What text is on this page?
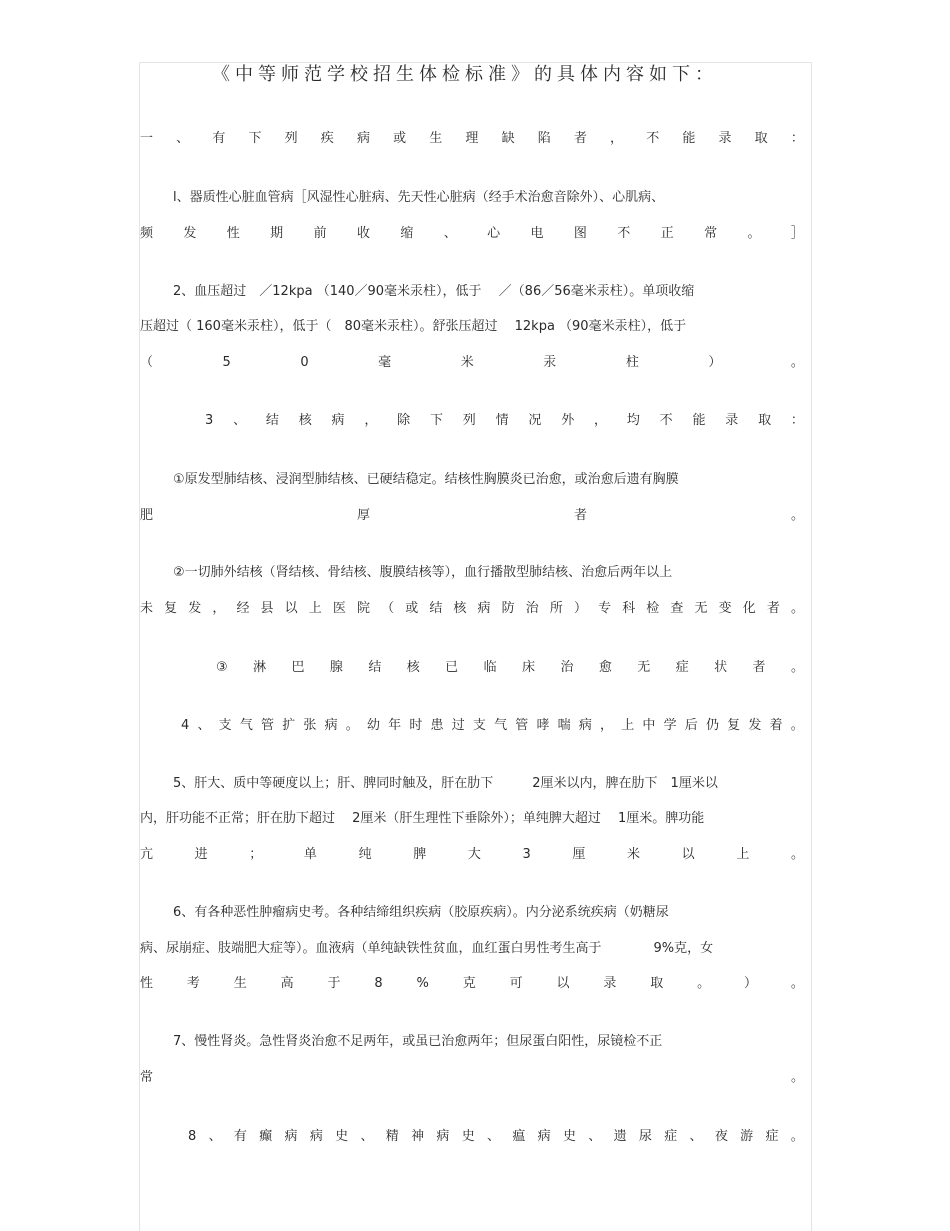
《中等师范学校招生体检标准》的具体内容如下：
一 、 有 下 列 疾 病 或 生 理 缺 陷 者 ， 不 能 录 取 ：
l、器质性心脏血管病［风湿性心脏病、先天性心脏病（经手术治愈音除外）、心肌病、
频 发 性 期 前 收 缩 、 心 电 图 不 正 常 。 ］
2、血压超过　／12kpa （140／90毫米汞柱），低于　 ／（86／56毫米汞柱）。单项收缩
压超过（ 160毫米汞柱），低于（　80毫米汞柱）。舒张压超过　 12kpa （90毫米汞柱），低于
（	5	0	毫	米	汞	柱	）	。
3 、 结 核 病 ， 除 下 列 情 况 外 ， 均 不 能 录 取 ：
①原发型肺结核、浸润型肺结核、已硬结稳定。结核性胸膜炎已治愈，或治愈后遗有胸膜
肥	厚	者	。
②一切肺外结核（肾结核、骨结核、腹膜结核等），血行播散型肺结核、治愈后两年以上
未 复 发 ， 经 县 以 上 医 院 （ 或 结 核 病 防 治 所 ） 专 科 检 查 无 变 化 者 。
③ 淋 巴 腺 结 核 已 临 床 治 愈 无 症 状 者 。
4 、 支 气 管 扩 张 病 。 幼 年 时 患 过 支 气 管 哮 喘 病 ， 上 中 学 后 仍 复 发 着 。
5、肝大、质中等硬度以上；肝、脾同时触及，肝在肋下　　　2厘米以内，脾在肋下　1厘米以
内，肝功能不正常；肝在肋下超过　 2厘米（肝生理性下垂除外）；单纯脾大超过　 1厘米。脾功能
亢	进	；	单	纯	脾	大	3	厘	米	以	上	。
6、有各种恶性肿瘤病史考。各种结缔组织疾病（胶原疾病）。内分泌系统疾病（奶糖尿
病、尿崩症、肢端肥大症等）。血液病（单纯缺铁性贫血，血红蛋白男性考生高于　　　　9%克，女
性	考	生	高	于	8	%	克	可	以	录	取	。	）	。
7、慢性肾炎。急性肾炎治愈不足两年，或虽已治愈两年；但尿蛋白阳性，尿镜检不正
常	。
8 、 有 癫 病 病 史 、 精 神 病 史 、 瘟 病 史 、 遗 尿 症 、 夜 游 症 。
